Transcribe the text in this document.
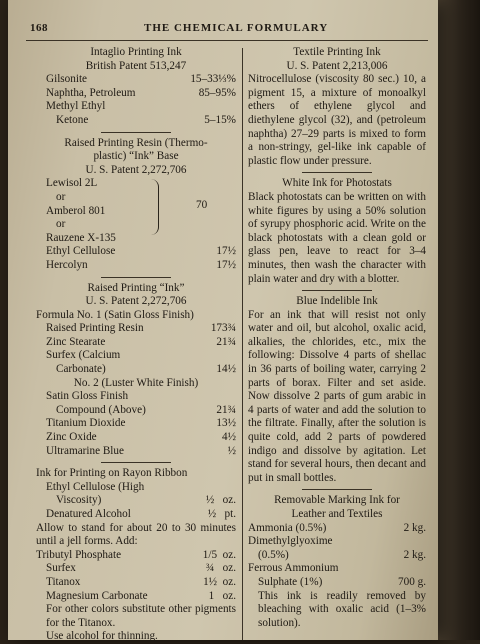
168	THE CHEMICAL FORMULARY
Intaglio Printing Ink
British Patent 513,247
Gilsonite	15–33⅓%
Naphtha, Petroleum	85–95%
Methyl Ethyl
Ketone	5–15%
Raised Printing Resin (Thermo-
plastic) “Ink” Base
U. S. Patent 2,272,706
Lewisol 2L
or
Amberol 801
or
Rauzene X-135
70
Ethyl Cellulose	17½
Hercolyn	17½
Raised Printing “Ink”
U. S. Patent 2,272,706
Formula No. 1 (Satin Gloss Finish)
Raised Printing Resin	173¾
Zinc Stearate	21¾
Surfex (Calcium
Carbonate)	14½
No. 2 (Luster White Finish)
Satin Gloss Finish
Compound (Above)	21¾
Titanium Dioxide	13½
Zinc Oxide	4½
Ultramarine Blue	½
Ink for Printing on Rayon Ribbon
Ethyl Cellulose (High
Viscosity)	½ oz.
Denatured Alcohol	½ pt.
Allow to stand for about 20 to 30 minutes until a jell forms. Add:
Tributyl Phosphate	1/5 oz.
Surfex	¾ oz.
Titanox	1½ oz.
Magnesium Carbonate	1 oz.
For other colors substitute other pigments for the Titanox.
Use alcohol for thinning.
Textile Printing Ink
U. S. Patent 2,213,006
Nitrocellulose (viscosity 80 sec.) 10, a pigment 15, a mixture of monoalkyl ethers of ethylene glycol and diethylene glycol (32), and (petroleum naphtha) 27–29 parts is mixed to form a non-stringy, gel-like ink capable of plastic flow under pressure.
White Ink for Photostats
Black photostats can be written on with white figures by using a 50% solution of syrupy phosphoric acid. Write on the black photostats with a clean gold or glass pen, leave to react for 3–4 minutes, then wash the character with plain water and dry with a blotter.
Blue Indelible Ink
For an ink that will resist not only water and oil, but alcohol, oxalic acid, alkalies, the chlorides, etc., mix the following: Dissolve 4 parts of shellac in 36 parts of boiling water, carrying 2 parts of borax. Filter and set aside. Now dissolve 2 parts of gum arabic in 4 parts of water and add the solution to the filtrate. Finally, after the solution is quite cold, add 2 parts of powdered indigo and dissolve by agitation. Let stand for several hours, then decant and put in small bottles.
Removable Marking Ink for
Leather and Textiles
Ammonia (0.5%)	2 kg.
Dimethylglyoxime
(0.5%)	2 kg.
Ferrous Ammonium
Sulphate (1%)	700 g.
This ink is readily removed by bleaching with oxalic acid (1–3% solution).
